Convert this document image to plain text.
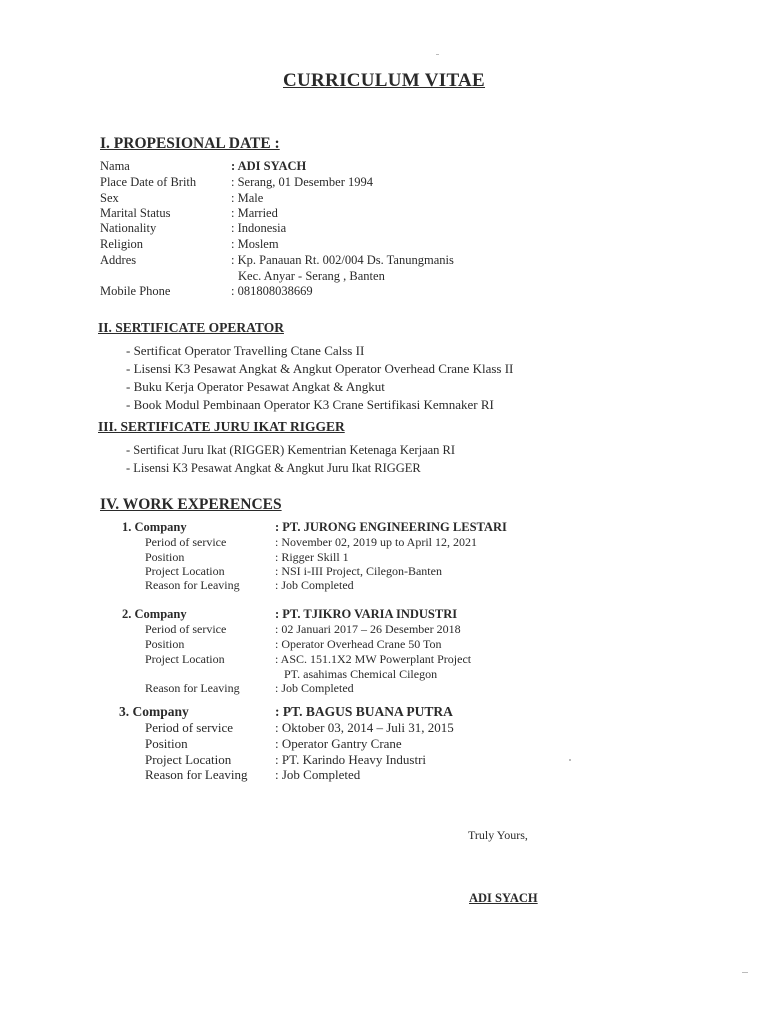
CURRICULUM VITAE
I. PROPESIONAL DATE :
Nama	: ADI SYACH
Place Date of Brith	: Serang, 01 Desember 1994
Sex	: Male
Marital Status	: Married
Nationality	: Indonesia
Religion	: Moslem
Addres	: Kp. Panauan Rt. 002/004 Ds. Tanungmanis
Kec. Anyar - Serang , Banten
Mobile Phone	: 081808038669
II. SERTIFICATE OPERATOR
- Sertificat Operator Travelling Ctane Calss II
- Lisensi K3 Pesawat Angkat & Angkut Operator Overhead Crane Klass II
- Buku Kerja Operator Pesawat Angkat & Angkut
- Book Modul Pembinaan Operator K3 Crane Sertifikasi Kemnaker RI
III. SERTIFICATE JURU IKAT RIGGER
- Sertificat Juru Ikat (RIGGER) Kementrian Ketenaga Kerjaan RI
- Lisensi K3 Pesawat Angkat & Angkut Juru Ikat RIGGER
IV. WORK EXPERENCES
1. Company	: PT. JURONG ENGINEERING LESTARI
Period of service	: November 02, 2019 up to April 12, 2021
Position	: Rigger Skill 1
Project Location	: NSI i-III Project, Cilegon-Banten
Reason for Leaving	: Job Completed
2. Company	: PT. TJIKRO VARIA INDUSTRI
Period of service	: 02 Januari 2017 – 26 Desember 2018
Position	: Operator Overhead Crane 50 Ton
Project Location	: ASC. 151.1X2 MW Powerplant Project
PT. asahimas Chemical Cilegon
Reason for Leaving	: Job Completed
3. Company	: PT. BAGUS BUANA PUTRA
Period of service	: Oktober 03, 2014 – Juli 31, 2015
Position	: Operator Gantry Crane
Project Location	: PT. Karindo Heavy Industri
Reason for Leaving : Job Completed
Truly Yours,
ADI SYACH
